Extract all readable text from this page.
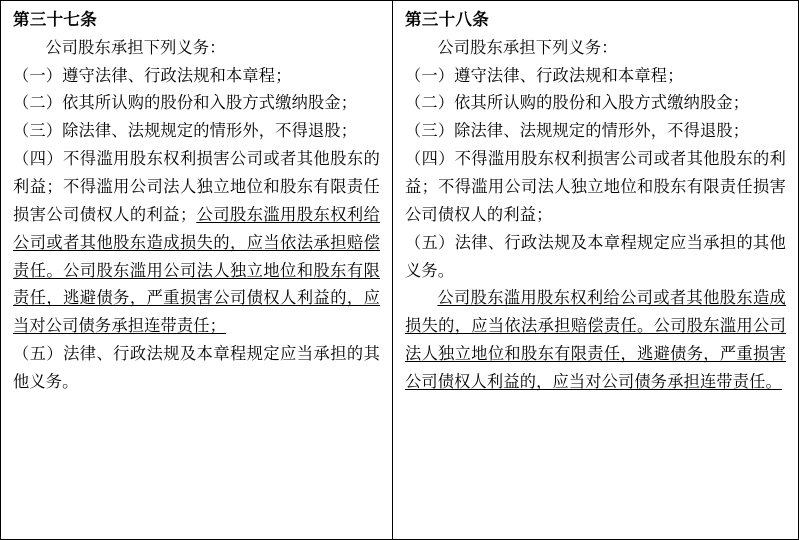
第三十七条

公司股东承担下列义务：

（一）遵守法律、行政法规和本章程；

（二）依其所认购的股份和入股方式缴纳股金；

（三）除法律、法规规定的情形外，不得退股；

（四）不得滥用股东权利损害公司或者其他股东的利益；不得滥用公司法人独立地位和股东有限责任损害公司债权人的利益；公司股东滥用股东权利给公司或者其他股东造成损失的，应当依法承担赔偿责任。公司股东滥用公司法人独立地位和股东有限责任，逃避债务，严重损害公司债权人利益的，应当对公司债务承担连带责任；

（五）法律、行政法规及本章程规定应当承担的其他义务。

第三十八条

公司股东承担下列义务：

（一）遵守法律、行政法规和本章程；

（二）依其所认购的股份和入股方式缴纳股金；

（三）除法律、法规规定的情形外，不得退股；

（四）不得滥用股东权利损害公司或者其他股东的利益；不得滥用公司法人独立地位和股东有限责任损害公司债权人的利益；

（五）法律、行政法规及本章程规定应当承担的其他义务。

公司股东滥用股东权利给公司或者其他股东造成损失的，应当依法承担赔偿责任。公司股东滥用公司法人独立地位和股东有限责任，逃避债务，严重损害公司债权人利益的，应当对公司债务承担连带责任。
